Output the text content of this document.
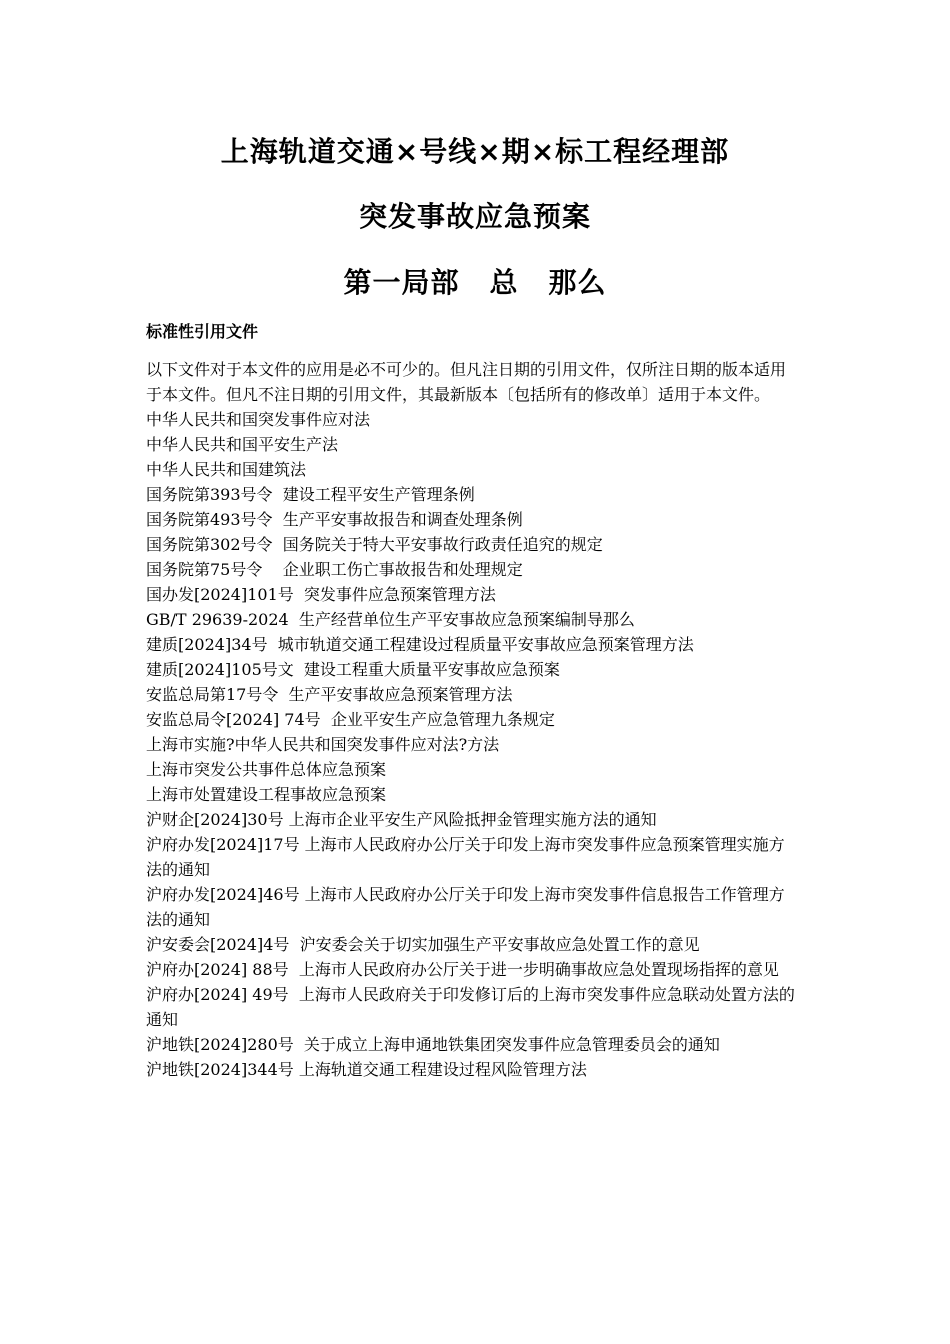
上海轨道交通×号线×期×标工程经理部
突发事故应急预案
第一局部 总 那么
标准性引用文件

以下文件对于本文件的应用是必不可少的。但凡注日期的引用文件，仅所注日期的版本适用于本文件。但凡不注日期的引用文件，其最新版本〔包括所有的修改单〕适用于本文件。

中华人民共和国突发事件应对法

中华人民共和国平安生产法

中华人民共和国建筑法

国务院第393号令  建设工程平安生产管理条例

国务院第493号令  生产平安事故报告和调查处理条例

国务院第302号令  国务院关于特大平安事故行政责任追究的规定

国务院第75号令    企业职工伤亡事故报告和处理规定

国办发[2024]101号  突发事件应急预案管理方法

GB/T 29639-2024  生产经营单位生产平安事故应急预案编制导那么

建质[2024]34号  城市轨道交通工程建设过程质量平安事故应急预案管理方法

建质[2024]105号文  建设工程重大质量平安事故应急预案

安监总局第17号令  生产平安事故应急预案管理方法

安监总局令[2024] 74号  企业平安生产应急管理九条规定

上海市实施?中华人民共和国突发事件应对法?方法

上海市突发公共事件总体应急预案

上海市处置建设工程事故应急预案

沪财企[2024]30号 上海市企业平安生产风险抵押金管理实施方法的通知

沪府办发[2024]17号 上海市人民政府办公厅关于印发上海市突发事件应急预案管理实施方法的通知

沪府办发[2024]46号 上海市人民政府办公厅关于印发上海市突发事件信息报告工作管理方法的通知

沪安委会[2024]4号  沪安委会关于切实加强生产平安事故应急处置工作的意见

沪府办[2024] 88号  上海市人民政府办公厅关于进一步明确事故应急处置现场指挥的意见

沪府办[2024] 49号  上海市人民政府关于印发修订后的上海市突发事件应急联动处置方法的通知

沪地铁[2024]280号  关于成立上海申通地铁集团突发事件应急管理委员会的通知

沪地铁[2024]344号 上海轨道交通工程建设过程风险管理方法
